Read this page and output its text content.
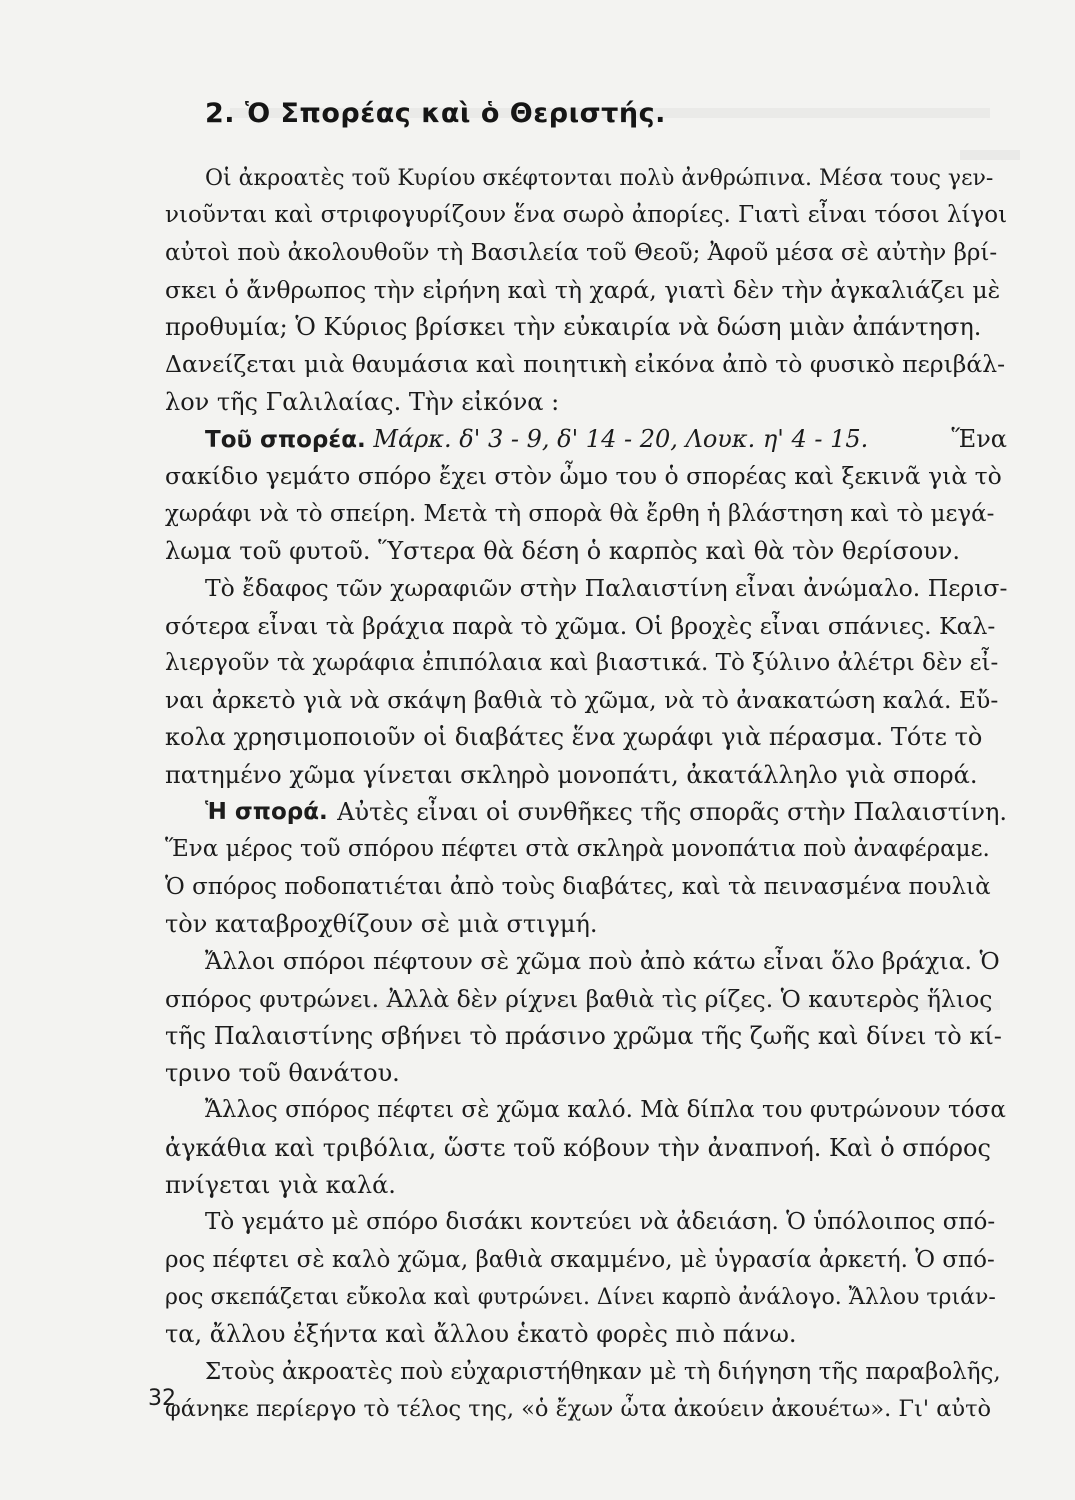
2. Ὁ Σπορέας καὶ ὁ Θεριστής.
Οἱ ἀκροατὲς τοῦ Κυρίου σκέφτονται πολὺ ἀνθρώπινα. Μέσα τους γεν-
νιοῦνται καὶ στριφογυρίζουν ἕνα σωρὸ ἀπορίες. Γιατὶ εἶναι τόσοι λίγοι
αὐτοὶ ποὺ ἀκολουθοῦν τὴ Βασιλεία τοῦ Θεοῦ; Ἀφοῦ μέσα σὲ αὐτὴν βρί-
σκει ὁ ἄνθρωπος τὴν εἰρήνη καὶ τὴ χαρά, γιατὶ δὲν τὴν ἀγκαλιάζει μὲ
προθυμία; Ὁ Κύριος βρίσκει τὴν εὐκαιρία νὰ δώση μιὰν ἀπάντηση.
Δανείζεται μιὰ θαυμάσια καὶ ποιητικὴ εἰκόνα ἀπὸ τὸ φυσικὸ περιβάλ-
λον τῆς Γαλιλαίας. Τὴν εἰκόνα :
Τοῦ σπορέα. Μάρκ. δ' 3 - 9, δ' 14 - 20, Λουκ. η' 4 - 15.	Ἕνα
σακίδιο γεμάτο σπόρο ἔχει στὸν ὦμο του ὁ σπορέας καὶ ξεκινᾶ γιὰ τὸ
χωράφι νὰ τὸ σπείρη. Μετὰ τὴ σπορὰ θὰ ἔρθη ἡ βλάστηση καὶ τὸ μεγά-
λωμα τοῦ φυτοῦ. Ὕστερα θὰ δέση ὁ καρπὸς καὶ θὰ τὸν θερίσουν.
Τὸ ἔδαφος τῶν χωραφιῶν στὴν Παλαιστίνη εἶναι ἀνώμαλο. Περισ-
σότερα εἶναι τὰ βράχια παρὰ τὸ χῶμα. Οἱ βροχὲς εἶναι σπάνιες. Καλ-
λιεργοῦν τὰ χωράφια ἐπιπόλαια καὶ βιαστικά. Τὸ ξύλινο ἀλέτρι δὲν εἶ-
ναι ἀρκετὸ γιὰ νὰ σκάψη βαθιὰ τὸ χῶμα, νὰ τὸ ἀνακατώση καλά. Εὔ-
κολα χρησιμοποιοῦν οἱ διαβάτες ἕνα χωράφι γιὰ πέρασμα. Τότε τὸ
πατημένο χῶμα γίνεται σκληρὸ μονοπάτι, ἀκατάλληλο γιὰ σπορά.
Ἡ σπορά. Αὐτὲς εἶναι οἱ συνθῆκες τῆς σπορᾶς στὴν Παλαιστίνη.
Ἕνα μέρος τοῦ σπόρου πέφτει στὰ σκληρὰ μονοπάτια ποὺ ἀναφέραμε.
Ὁ σπόρος ποδοπατιέται ἀπὸ τοὺς διαβάτες, καὶ τὰ πεινασμένα πουλιὰ
τὸν καταβροχθίζουν σὲ μιὰ στιγμή.
Ἄλλοι σπόροι πέφτουν σὲ χῶμα ποὺ ἀπὸ κάτω εἶναι ὅλο βράχια. Ὁ
σπόρος φυτρώνει. Ἀλλὰ δὲν ρίχνει βαθιὰ τὶς ρίζες. Ὁ καυτερὸς ἥλιος
τῆς Παλαιστίνης σβήνει τὸ πράσινο χρῶμα τῆς ζωῆς καὶ δίνει τὸ κί-
τρινο τοῦ θανάτου.
Ἄλλος σπόρος πέφτει σὲ χῶμα καλό. Μὰ δίπλα του φυτρώνουν τόσα
ἀγκάθια καὶ τριβόλια, ὥστε τοῦ κόβουν τὴν ἀναπνοή. Καὶ ὁ σπόρος
πνίγεται γιὰ καλά.
Τὸ γεμάτο μὲ σπόρο δισάκι κοντεύει νὰ ἀδειάση. Ὁ ὑπόλοιπος σπό-
ρος πέφτει σὲ καλὸ χῶμα, βαθιὰ σκαμμένο, μὲ ὑγρασία ἀρκετή. Ὁ σπό-
ρος σκεπάζεται εὔκολα καὶ φυτρώνει. Δίνει καρπὸ ἀνάλογο. Ἄλλου τριάν-
τα, ἄλλου ἐξήντα καὶ ἄλλου ἑκατὸ φορὲς πιὸ πάνω.
Στοὺς ἀκροατὲς ποὺ εὐχαριστήθηκαν μὲ τὴ διήγηση τῆς παραβολῆς,
φάνηκε περίεργο τὸ τέλος της, «ὁ ἔχων ὦτα ἀκούειν ἀκουέτω». Γι' αὐτὸ
32
